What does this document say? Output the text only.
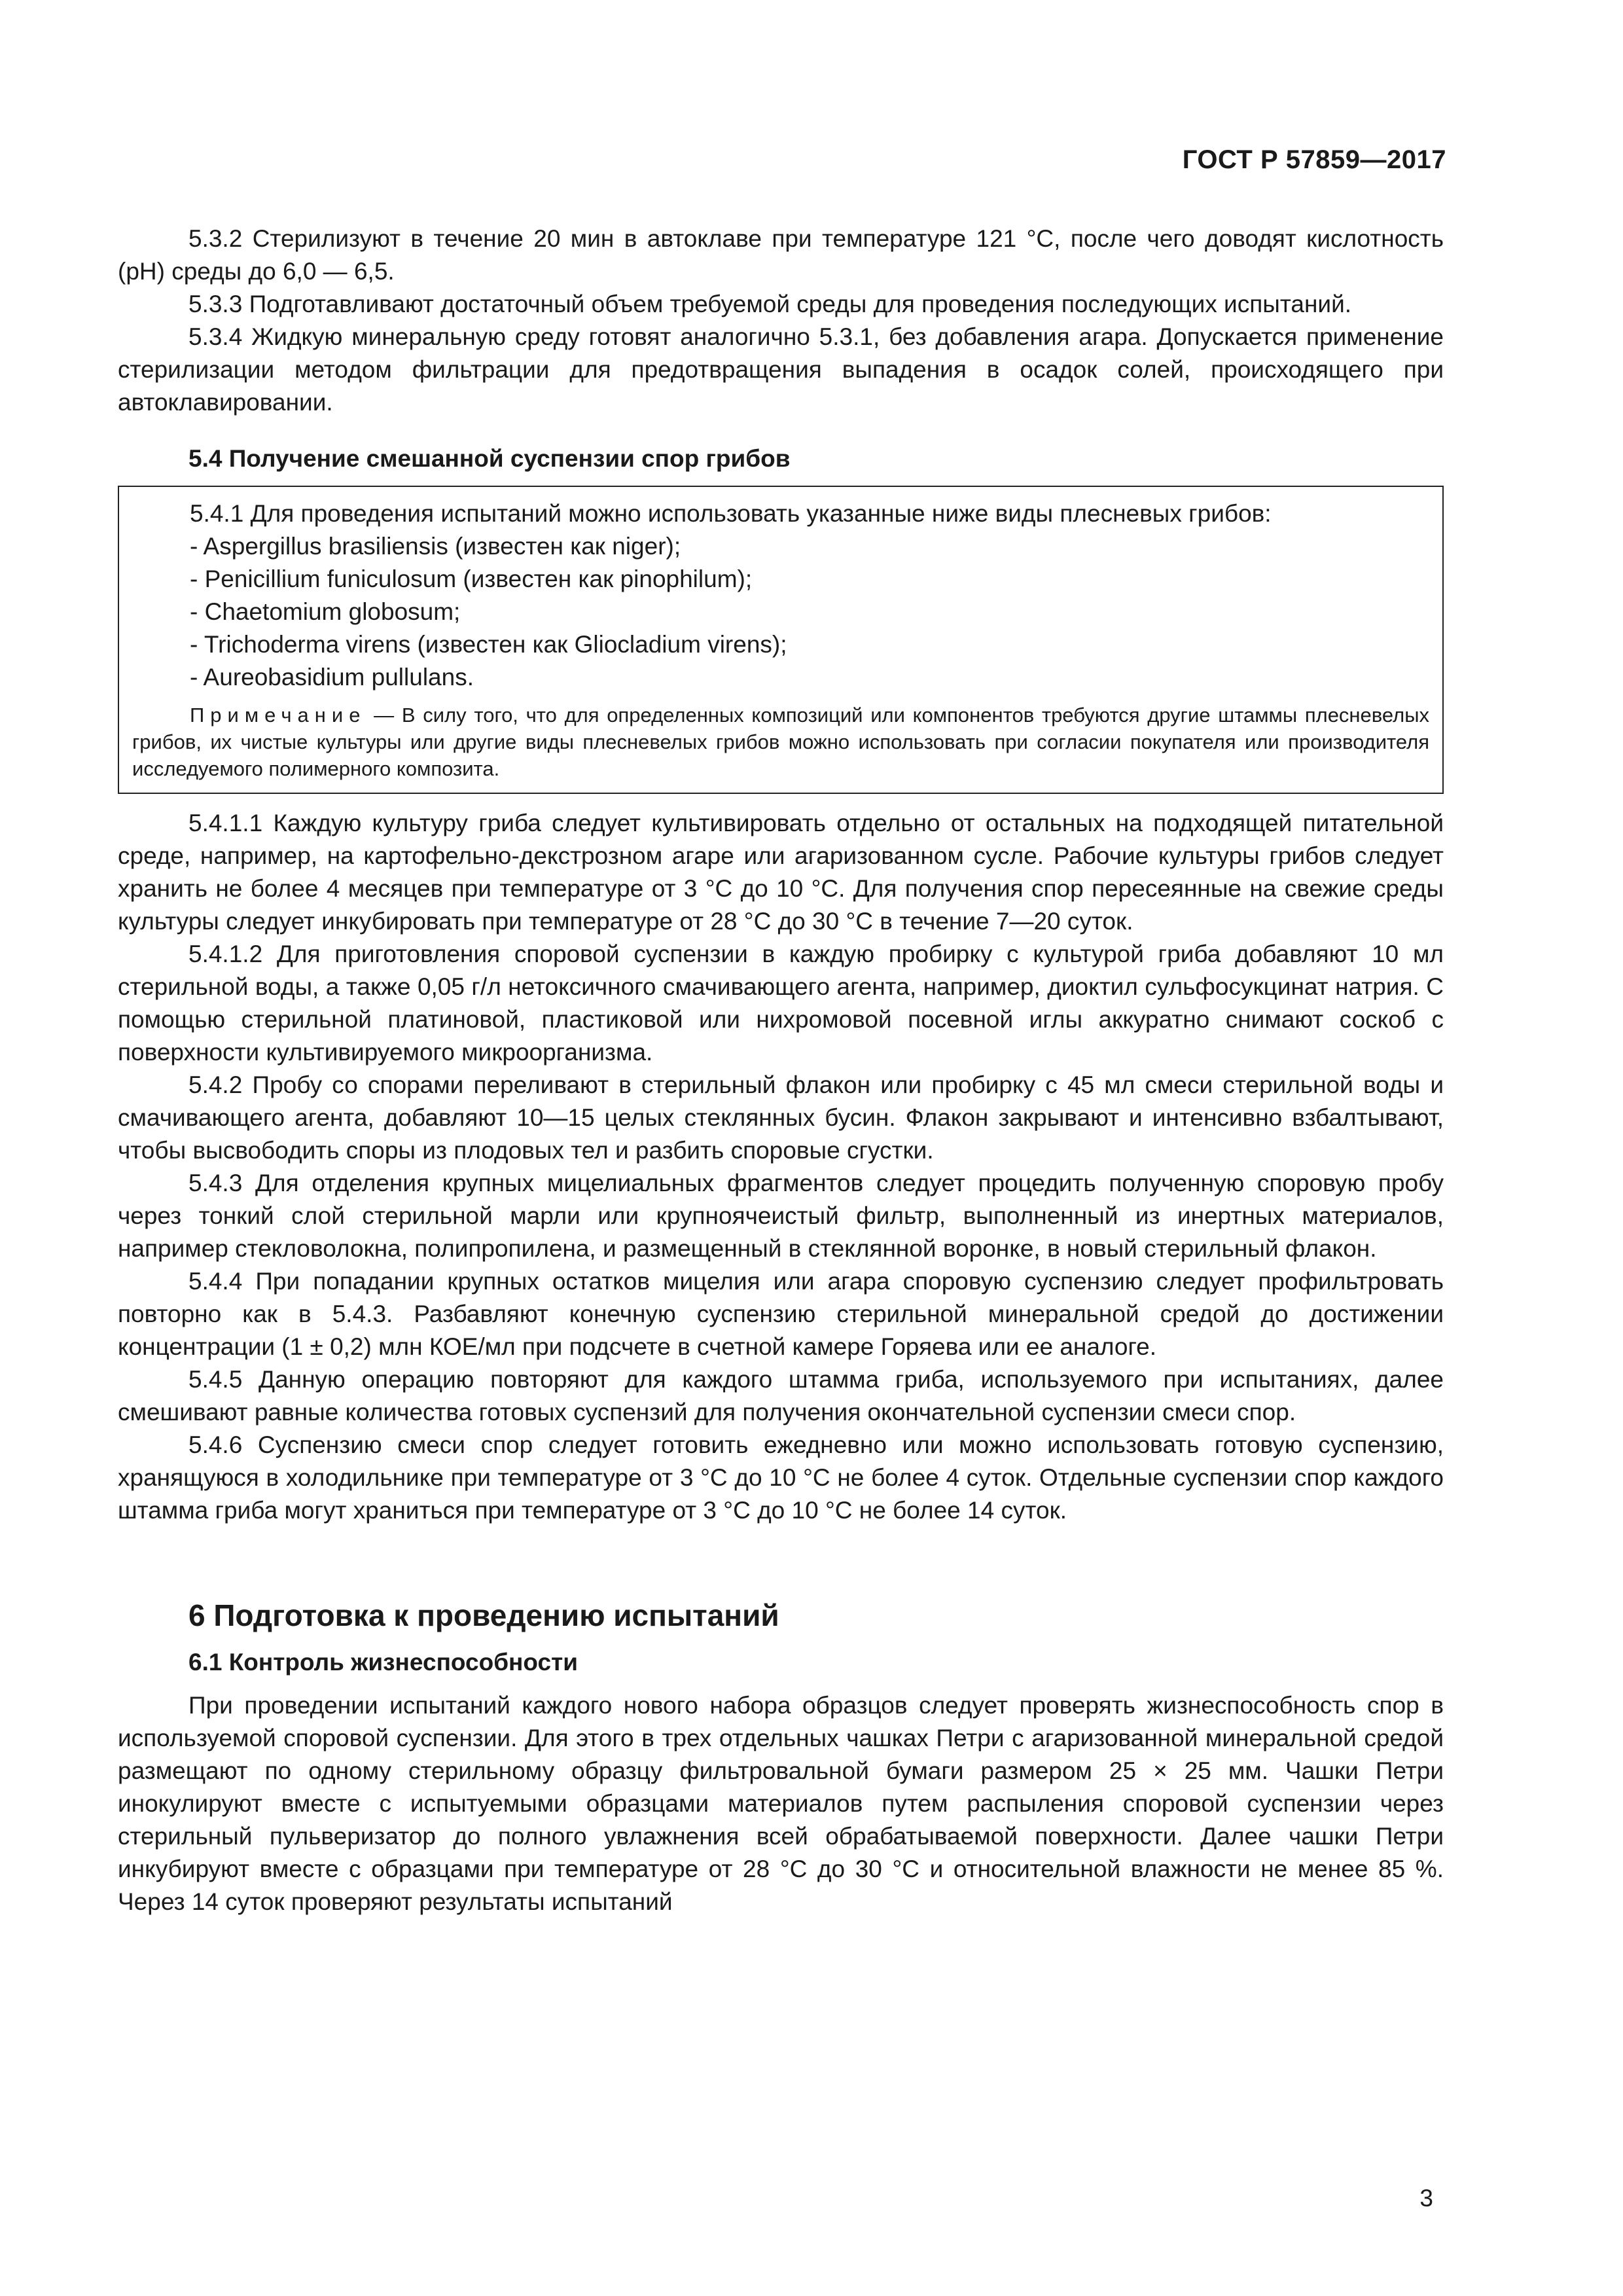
ГОСТ Р 57859—2017

5.3.2 Стерилизуют в течение 20 мин в автоклаве при температуре 121 °С, после чего доводят кислотность (рН) среды до 6,0 — 6,5.

5.3.3 Подготавливают достаточный объем требуемой среды для проведения последующих испытаний.

5.3.4 Жидкую минеральную среду готовят аналогично 5.3.1, без добавления агара. Допускается применение стерилизации методом фильтрации для предотвращения выпадения в осадок солей, происходящего при автоклавировании.

5.4 Получение смешанной суспензии спор грибов

5.4.1 Для проведения испытаний можно использовать указанные ниже виды плесневых грибов:

- Aspergillus brasiliensis (известен как niger);

- Penicillium funiculosum (известен как pinophilum);

- Chaetomium globosum;

- Trichoderma virens (известен как Gliocladium virens);

- Aureobasidium pullulans.

Примечание — В силу того, что для определенных композиций или компонентов требуются другие штаммы плесневелых грибов, их чистые культуры или другие виды плесневелых грибов можно использовать при согласии покупателя или производителя исследуемого полимерного композита.

5.4.1.1 Каждую культуру гриба следует культивировать отдельно от остальных на подходящей питательной среде, например, на картофельно-декстрозном агаре или агаризованном сусле. Рабочие культуры грибов следует хранить не более 4 месяцев при температуре от 3 °С до 10 °С. Для получения спор пересеянные на свежие среды культуры следует инкубировать при температуре от 28 °С до 30 °С в течение 7—20 суток.

5.4.1.2 Для приготовления споровой суспензии в каждую пробирку с культурой гриба добавляют 10 мл стерильной воды, а также 0,05 г/л нетоксичного смачивающего агента, например, диоктил сульфосукцинат натрия. С помощью стерильной платиновой, пластиковой или нихромовой посевной иглы аккуратно снимают соскоб с поверхности культивируемого микроорганизма.

5.4.2 Пробу со спорами переливают в стерильный флакон или пробирку с 45 мл смеси стерильной воды и смачивающего агента, добавляют 10—15 целых стеклянных бусин. Флакон закрывают и интенсивно взбалтывают, чтобы высвободить споры из плодовых тел и разбить споровые сгустки.

5.4.3 Для отделения крупных мицелиальных фрагментов следует процедить полученную споровую пробу через тонкий слой стерильной марли или крупноячеистый фильтр, выполненный из инертных материалов, например стекловолокна, полипропилена, и размещенный в стеклянной воронке, в новый стерильный флакон.

5.4.4 При попадании крупных остатков мицелия или агара споровую суспензию следует профильтровать повторно как в 5.4.3. Разбавляют конечную суспензию стерильной минеральной средой до достижении концентрации (1 ± 0,2) млн КОЕ/мл при подсчете в счетной камере Горяева или ее аналоге.

5.4.5 Данную операцию повторяют для каждого штамма гриба, используемого при испытаниях, далее смешивают равные количества готовых суспензий для получения окончательной суспензии смеси спор.

5.4.6 Суспензию смеси спор следует готовить ежедневно или можно использовать готовую суспензию, хранящуюся в холодильнике при температуре от 3 °С до 10 °С не более 4 суток. Отдельные суспензии спор каждого штамма гриба могут храниться при температуре от 3 °С до 10 °С не более 14 суток.

6 Подготовка к проведению испытаний
6.1 Контроль жизнеспособности

При проведении испытаний каждого нового набора образцов следует проверять жизнеспособность спор в используемой споровой суспензии. Для этого в трех отдельных чашках Петри с агаризованной минеральной средой размещают по одному стерильному образцу фильтровальной бумаги размером 25 × 25 мм. Чашки Петри инокулируют вместе с испытуемыми образцами материалов путем распыления споровой суспензии через стерильный пульверизатор до полного увлажнения всей обрабатываемой поверхности. Далее чашки Петри инкубируют вместе с образцами при температуре от 28 °С до 30 °С и относительной влажности не менее 85 %. Через 14 суток проверяют результаты испытаний

3
